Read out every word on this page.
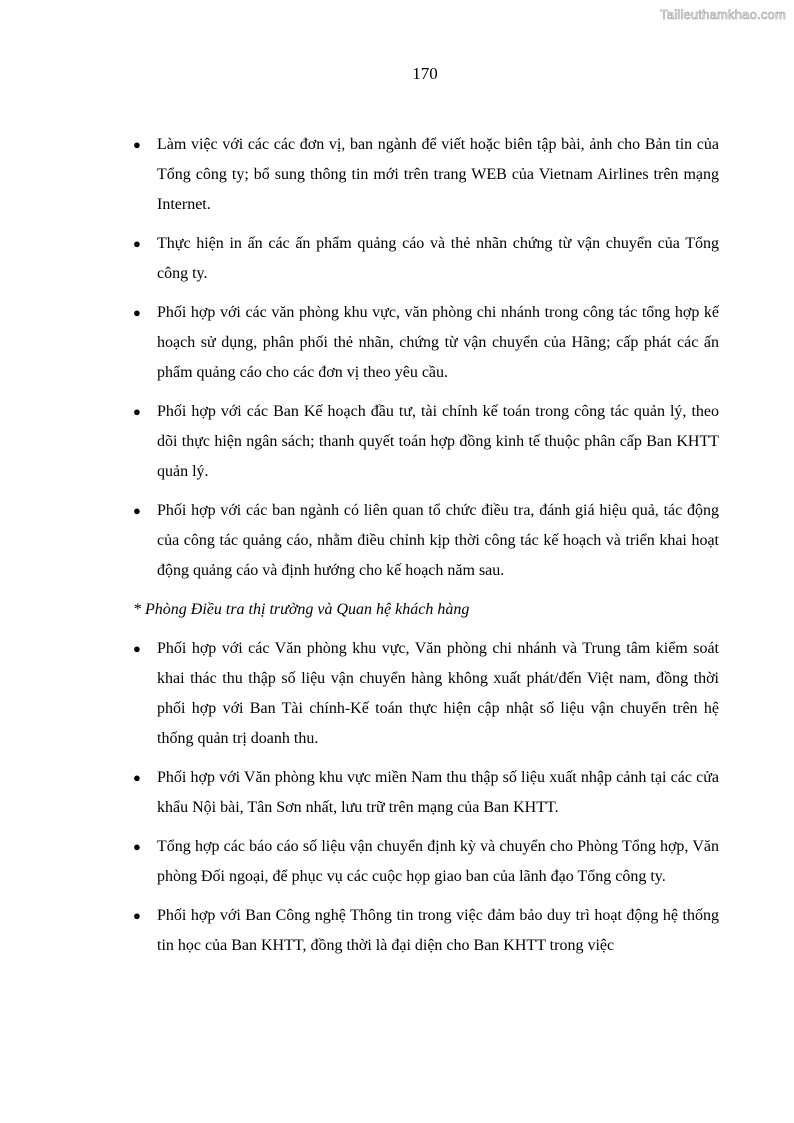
Tailieuthamkhao.com
170

● Làm việc với các các đơn vị, ban ngành để viết hoặc biên tập bài, ảnh cho Bản tin của Tổng công ty; bổ sung thông tin mới trên trang WEB của Vietnam Airlines trên mạng Internet.

● Thực hiện in ấn các ấn phẩm quảng cáo và thẻ nhãn chứng từ vận chuyển của Tổng công ty.

● Phối hợp với các văn phòng khu vực, văn phòng chi nhánh trong công tác tổng hợp kế hoạch sử dụng, phân phối thẻ nhãn, chứng từ vận chuyển của Hãng; cấp phát các ấn phẩm quảng cáo cho các đơn vị theo yêu cầu.

● Phối hợp với các Ban Kế hoạch đầu tư, tài chính kế toán trong công tác quản lý, theo dõi thực hiện ngân sách; thanh quyết toán hợp đồng kinh tế thuộc phân cấp Ban KHTT quản lý.

● Phối hợp với các ban ngành có liên quan tổ chức điều tra, đánh giá hiệu quả, tác động của công tác quảng cáo, nhằm điều chỉnh kịp thời công tác kế hoạch và triển khai hoạt động quảng cáo và định hướng cho kế hoạch năm sau.

* Phòng Điều tra thị trường và Quan hệ khách hàng

● Phối hợp với các Văn phòng khu vực, Văn phòng chi nhánh và Trung tâm kiểm soát khai thác thu thập số liệu vận chuyển hàng không xuất phát/đến Việt nam, đồng thời phối hợp với Ban Tài chính-Kế toán thực hiện cập nhật số liệu vận chuyển trên hệ thống quản trị doanh thu.

● Phối hợp với Văn phòng khu vực miền Nam thu thập số liệu xuất nhập cảnh tại các cửa khẩu Nội bài, Tân Sơn nhất, lưu trữ trên mạng của Ban KHTT.

● Tổng hợp các báo cáo số liệu vận chuyển định kỳ và chuyển cho Phòng Tổng hợp, Văn phòng Đối ngoại, để phục vụ các cuộc họp giao ban của lãnh đạo Tổng công ty.

● Phối hợp với Ban Công nghệ Thông tin trong việc đảm bảo duy trì hoạt động hệ thống tin học của Ban KHTT, đồng thời là đại diện cho Ban KHTT trong việc
